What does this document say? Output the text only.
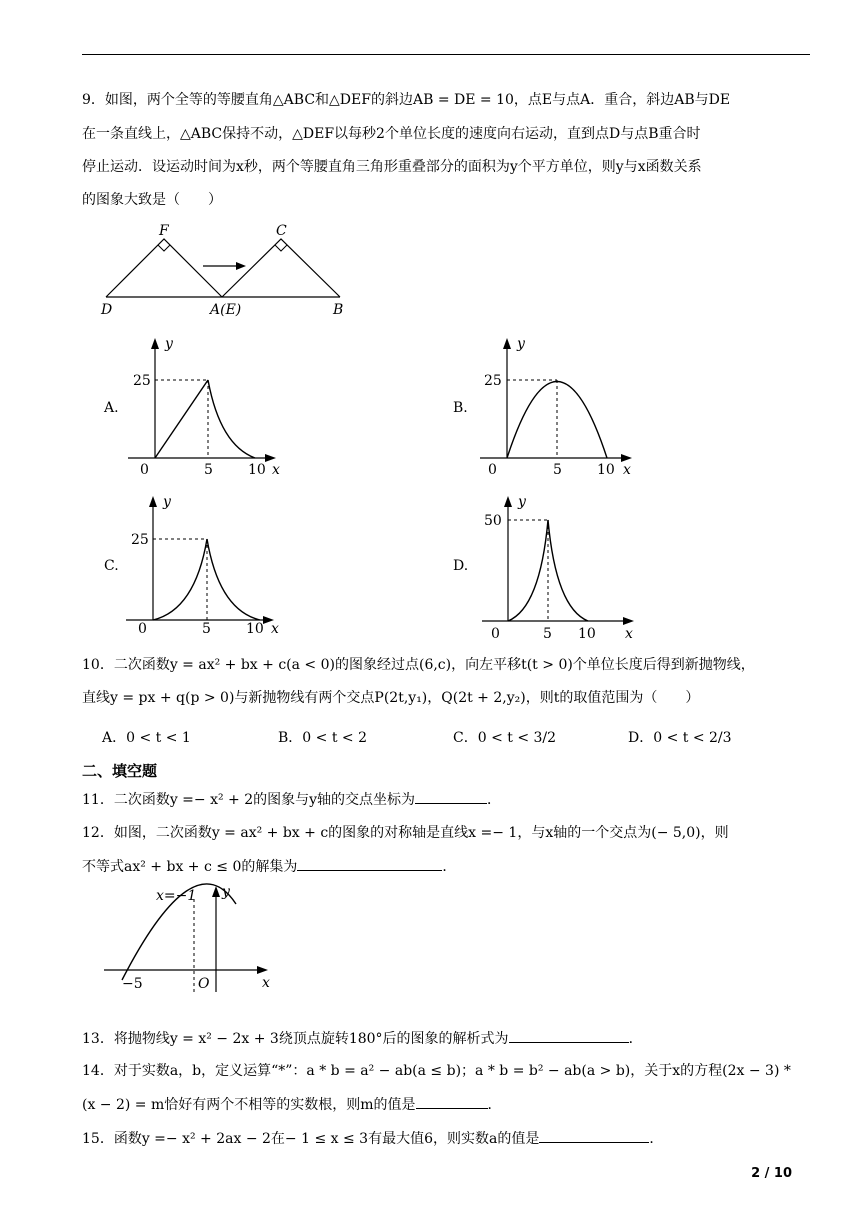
9．如图，两个全等的等腰直角△ABC和△DEF的斜边AB = DE = 10，点E与点A．重合，斜边AB与DE
在一条直线上，△ABC保持不动，△DEF以每秒2个单位长度的速度向右运动，直到点D与点B重合时
停止运动．设运动时间为x秒，两个等腰直角三角形重叠部分的面积为y个平方单位，则y与x函数关系
的图象大致是（　　）
F	C
D	A(E)	B
A.
25
0	5	10 x
y
B.
25
0	5	10 x
y
C.
25
0	5	10 x
y
D.
50
0	5 10 x
y
10．二次函数y = ax² + bx + c(a < 0)的图象经过点(6,c)，向左平移t(t > 0)个单位长度后得到新抛物线，
直线y = px + q(p > 0)与新抛物线有两个交点P(2t,y₁)，Q(2t + 2,y₂)，则t的取值范围为（　　）
A．0 < t < 1	B．0 < t < 2	C．0 < t < 3/2	D．0 < t < 2/3
二、填空题
11．二次函数y =− x² + 2的图象与y轴的交点坐标为	．
12．如图，二次函数y = ax² + bx + c的图象的对称轴是直线x =− 1，与x轴的一个交点为(− 5,0)，则
不等式ax² + bx + c ≤ 0的解集为	．
x=−1 y
x
−5	O
13．将抛物线y = x² − 2x + 3绕顶点旋转180°后的图象的解析式为	．
14．对于实数a，b，定义运算“*”：a * b = a² − ab(a ≤ b)；a * b = b² − ab(a > b)，关于x的方程(2x − 3) *
(x − 2) = m恰好有两个不相等的实数根，则m的值是	．
15．函数y =− x² + 2ax − 2在− 1 ≤ x ≤ 3有最大值6，则实数a的值是	．
2 / 10
